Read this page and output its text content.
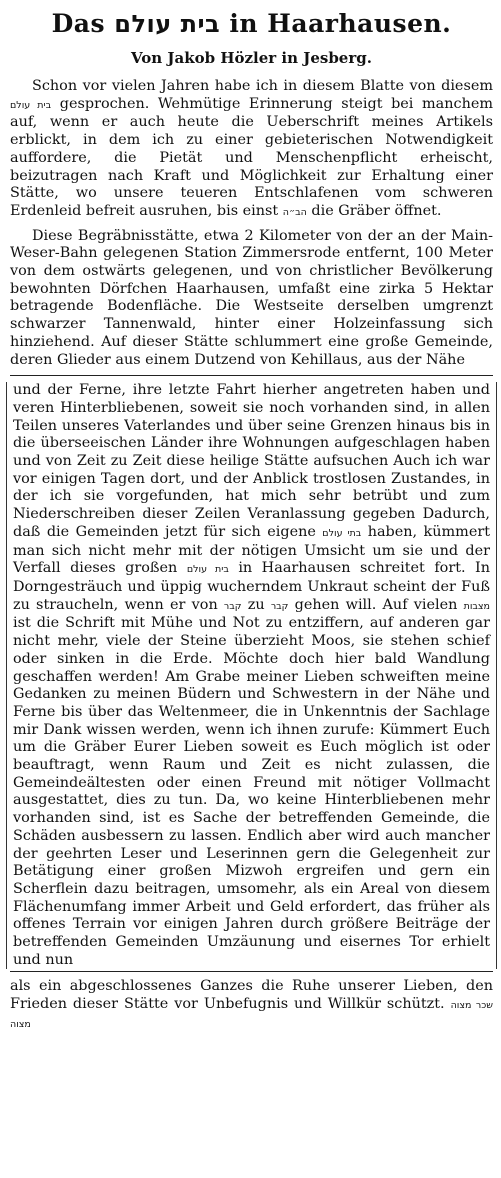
Das בית עולם in Haarhausen.
Von Jakob Hözler in Jesberg.

Schon vor vielen Jahren habe ich in diesem Blatte von diesem בית עולם gesprochen. Wehmütige Erinnerung steigt bei manchem auf, wenn er auch heute die Ueberschrift meines Artikels erblickt, in dem ich zu einer gebieterischen Notwendigkeit aufforderе, die Pietät und Menschenpflicht erheischt, beizutragen nach Kraft und Möglichkeit zur Erhaltung einer Stätte, wo unsere teueren Entschlafenen vom schweren Erdenleid befreit ausruhen, bis einst הב״ה die Gräber öffnet.

Diese Begräbnisstätte, etwa 2 Kilometer von der an der Main-Weser-Bahn gelegenen Station Zimmersrode entfernt, 100 Meter von dem ostwärts gelegenen, und von christlicher Bevölkerung bewohnten Dörfchen Haarhausen, umfaßt eine zirka 5 Hektar betragende Bodenfläche. Die Westseite derselben umgrenzt schwarzer Tannenwald, hinter einer Holzeinfassung sich hinziehend. Auf dieser Stätte schlummert eine große Gemeinde, deren Glieder aus einem Dutzend von Kehillaus, aus der Nähe

und der Ferne, ihre letzte Fahrt hierher angetreten haben und veren Hinterbliebenen, soweit sie noch vorhanden sind, in allen Teilen unseres Vaterlandes und über seine Grenzen hinaus bis in die überseeischen Länder ihre Wohnungen aufgeschlagen haben und von Zeit zu Zeit diese heilige Stätte aufsuchen Auch ich war vor einigen Tagen dort, und der Anblick trostlosen Zustandes, in der ich sie vorgefunden, hat mich sehr betrübt und zum Niederschreiben dieser Zeilen Veranlassung gegeben Dadurch, daß die Gemeinden jetzt für sich eigene בתי עולם haben, kümmert man sich nicht mehr mit der nötigen Umsicht um sie und der Verfall dieses großen בית עולם in Haarhausen schreitet fort. In Dorngesträuch und üppig wucherndem Unkraut scheint der Fuß zu straucheln, wenn er von קבר zu קבר gehen will. Auf vielen מצבות ist die Schrift mit Mühe und Not zu entziffern, auf anderen gar nicht mehr, viele der Steine überzieht Moos, sie stehen schief oder sinken in die Erde. Möchte doch hier bald Wandlung geschaffen werden! Am Grabe meiner Lieben schweiften meine Gedanken zu meinen Büdern und Schwestern in der Nähe und Ferne bis über das Weltenmeer, die in Unkenntnis der Sachlage mir Dank wissen werden, wenn ich ihnen zurufe: Kümmert Euch um die Gräber Eurer Lieben soweit es Euch möglich ist oder beauftragt, wenn Raum und Zeit es nicht zulassen, die Gemeindeältesten oder einen Freund mit nötiger Vollmacht ausgestattet, dies zu tun. Da, wo keine Hinterbliebenen mehr vorhanden sind, ist es Sache der betreffenden Gemeinde, die Schäden ausbessern zu lassen. Endlich aber wird auch mancher der geehrten Leser und Leserinnen gern die Gelegenheit zur Betätigung einer großen Mizwoh ergreifen und gern ein Scherflein dazu beitragen, umsomehr, als ein Areal von diesem Flächenumfang immer Arbeit und Geld erfordert, das früher als offenes Terrain vor einigen Jahren durch größere Beiträge der betreffenden Gemeinden Umzäunung und eisernes Tor erhielt und nun

als ein abgeschlossenes Ganzes die Ruhe unserer Lieben, den Frieden dieser Stätte vor Unbefugnis und Willkür schützt. שכר מצוה מצוה
